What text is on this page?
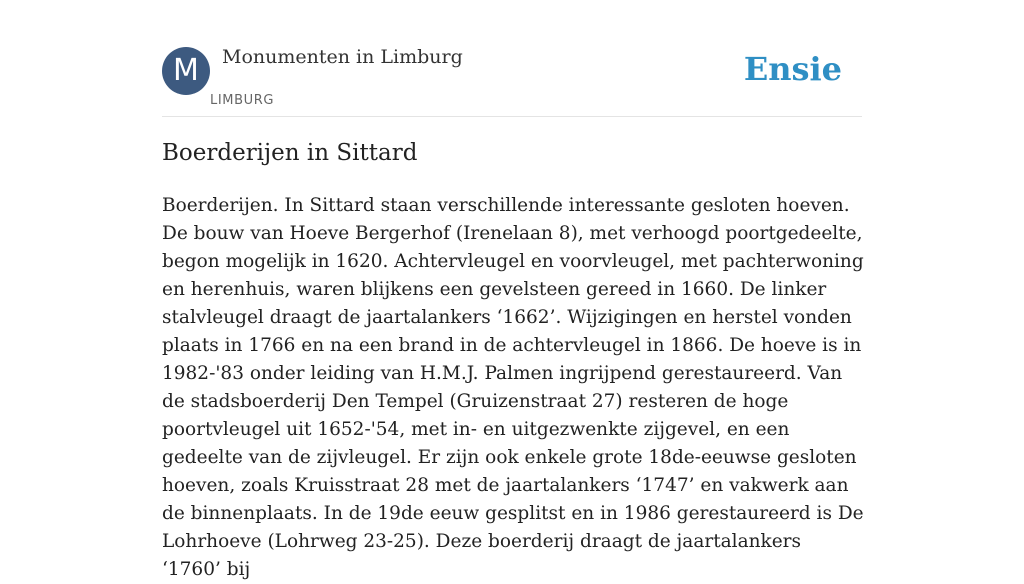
M	Monumenten in Limburg
LIMBURG
Ensie
Boerderijen in Sittard

Boerderijen. In Sittard staan verschillende interessante gesloten hoeven. De bouw van Hoeve Bergerhof (Irenelaan 8), met verhoogd poortgedeelte, begon mogelijk in 1620. Achtervleugel en voorvleugel, met pachterwoning en herenhuis, waren blijkens een gevelsteen gereed in 1660. De linker stalvleugel draagt de jaartalankers ‘1662’. Wijzigingen en herstel vonden plaats in 1766 en na een brand in de achtervleugel in 1866. De hoeve is in 1982-'83 onder leiding van H.M.J. Palmen ingrijpend gerestaureerd. Van de stadsboerderij Den Tempel (Gruizenstraat 27) resteren de hoge poortvleugel uit 1652-'54, met in- en uitgezwenkte zijgevel, en een gedeelte van de zijvleugel. Er zijn ook enkele grote 18de-eeuwse gesloten hoeven, zoals Kruisstraat 28 met de jaartalankers ‘1747’ en vakwerk aan de binnenplaats. In de 19de eeuw gesplitst en in 1986 gerestaureerd is De Lohrhoeve (Lohrweg 23-25). Deze boerderij draagt de jaartalankers ‘1760’ bij
